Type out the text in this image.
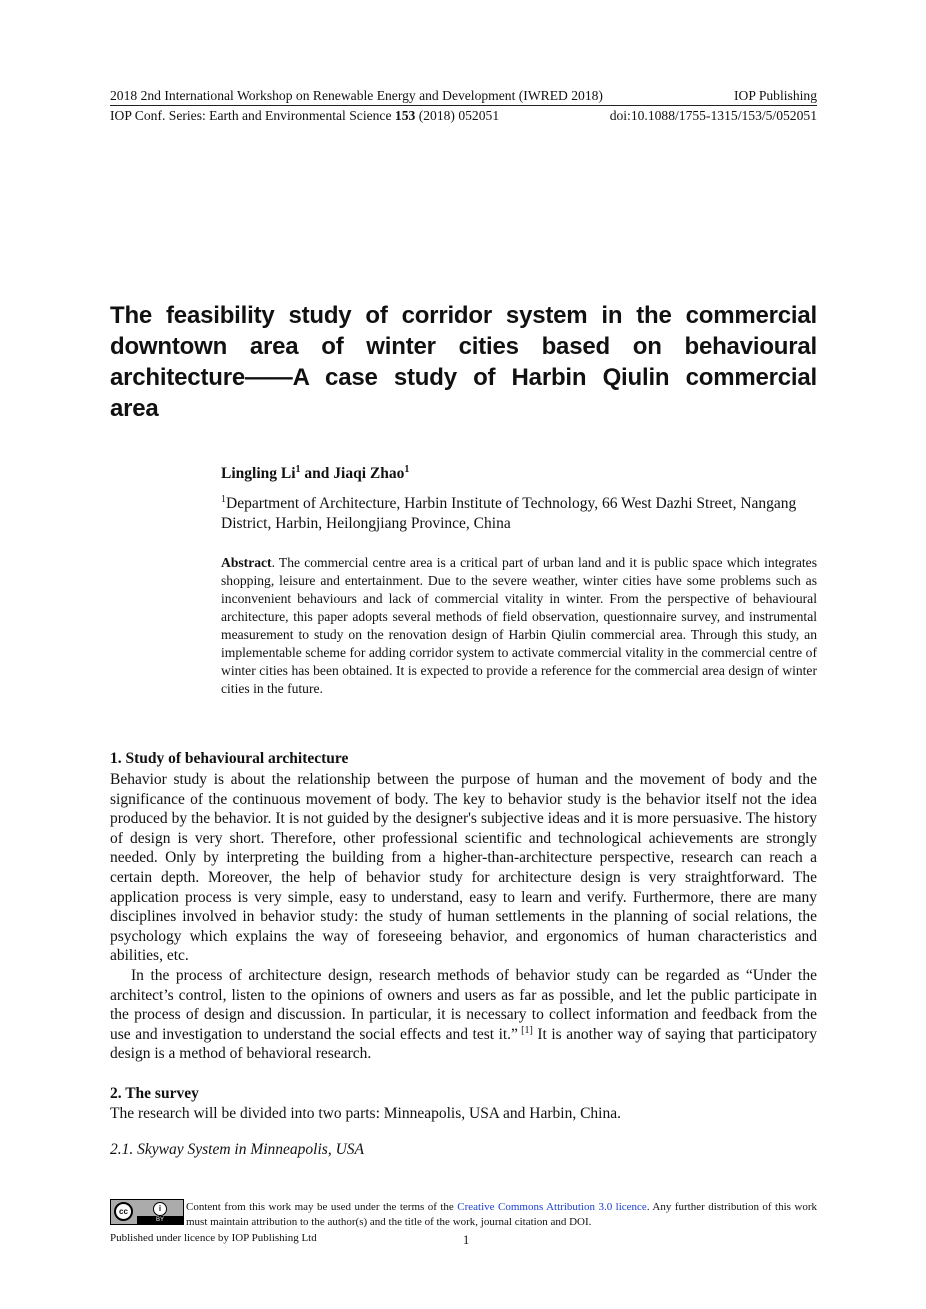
2018 2nd International Workshop on Renewable Energy and Development (IWRED 2018)	IOP Publishing
IOP Conf. Series: Earth and Environmental Science 153 (2018) 052051	doi:10.1088/1755-1315/153/5/052051
The feasibility study of corridor system in the commercial downtown area of winter cities based on behavioural architecture——A case study of Harbin Qiulin commercial area
Lingling Li$^1$ and Jiaqi Zhao$^1$
$^1$Department of Architecture, Harbin Institute of Technology, 66 West Dazhi Street, Nangang District, Harbin, Heilongjiang Province, China
Abstract. The commercial centre area is a critical part of urban land and it is public space which integrates shopping, leisure and entertainment. Due to the severe weather, winter cities have some problems such as inconvenient behaviours and lack of commercial vitality in winter. From the perspective of behavioural architecture, this paper adopts several methods of field observation, questionnaire survey, and instrumental measurement to study on the renovation design of Harbin Qiulin commercial area. Through this study, an implementable scheme for adding corridor system to activate commercial vitality in the commercial centre of winter cities has been obtained. It is expected to provide a reference for the commercial area design of winter cities in the future.
1. Study of behavioural architecture

Behavior study is about the relationship between the purpose of human and the movement of body and the significance of the continuous movement of body. The key to behavior study is the behavior itself not the idea produced by the behavior. It is not guided by the designer's subjective ideas and it is more persuasive. The history of design is very short. Therefore, other professional scientific and technological achievements are strongly needed. Only by interpreting the building from a higher-than-architecture perspective, research can reach a certain depth. Moreover, the help of behavior study for architecture design is very straightforward. The application process is very simple, easy to understand, easy to learn and verify. Furthermore, there are many disciplines involved in behavior study: the study of human settlements in the planning of social relations, the psychology which explains the way of foreseeing behavior, and ergonomics of human characteristics and abilities, etc.

In the process of architecture design, research methods of behavior study can be regarded as “Under the architect’s control, listen to the opinions of owners and users as far as possible, and let the public participate in the process of design and discussion. In particular, it is necessary to collect information and feedback from the use and investigation to understand the social effects and test it.” [1] It is another way of saying that participatory design is a method of behavioral research.

2. The survey

The research will be divided into two parts: Minneapolis, USA and Harbin, China.

2.1. Skyway System in Minneapolis, USA
cc	i
BY
Content from this work may be used under the terms of the Creative Commons Attribution 3.0 licence. Any further distribution of this work must maintain attribution to the author(s) and the title of the work, journal citation and DOI.
Published under licence by IOP Publishing Ltd	1
